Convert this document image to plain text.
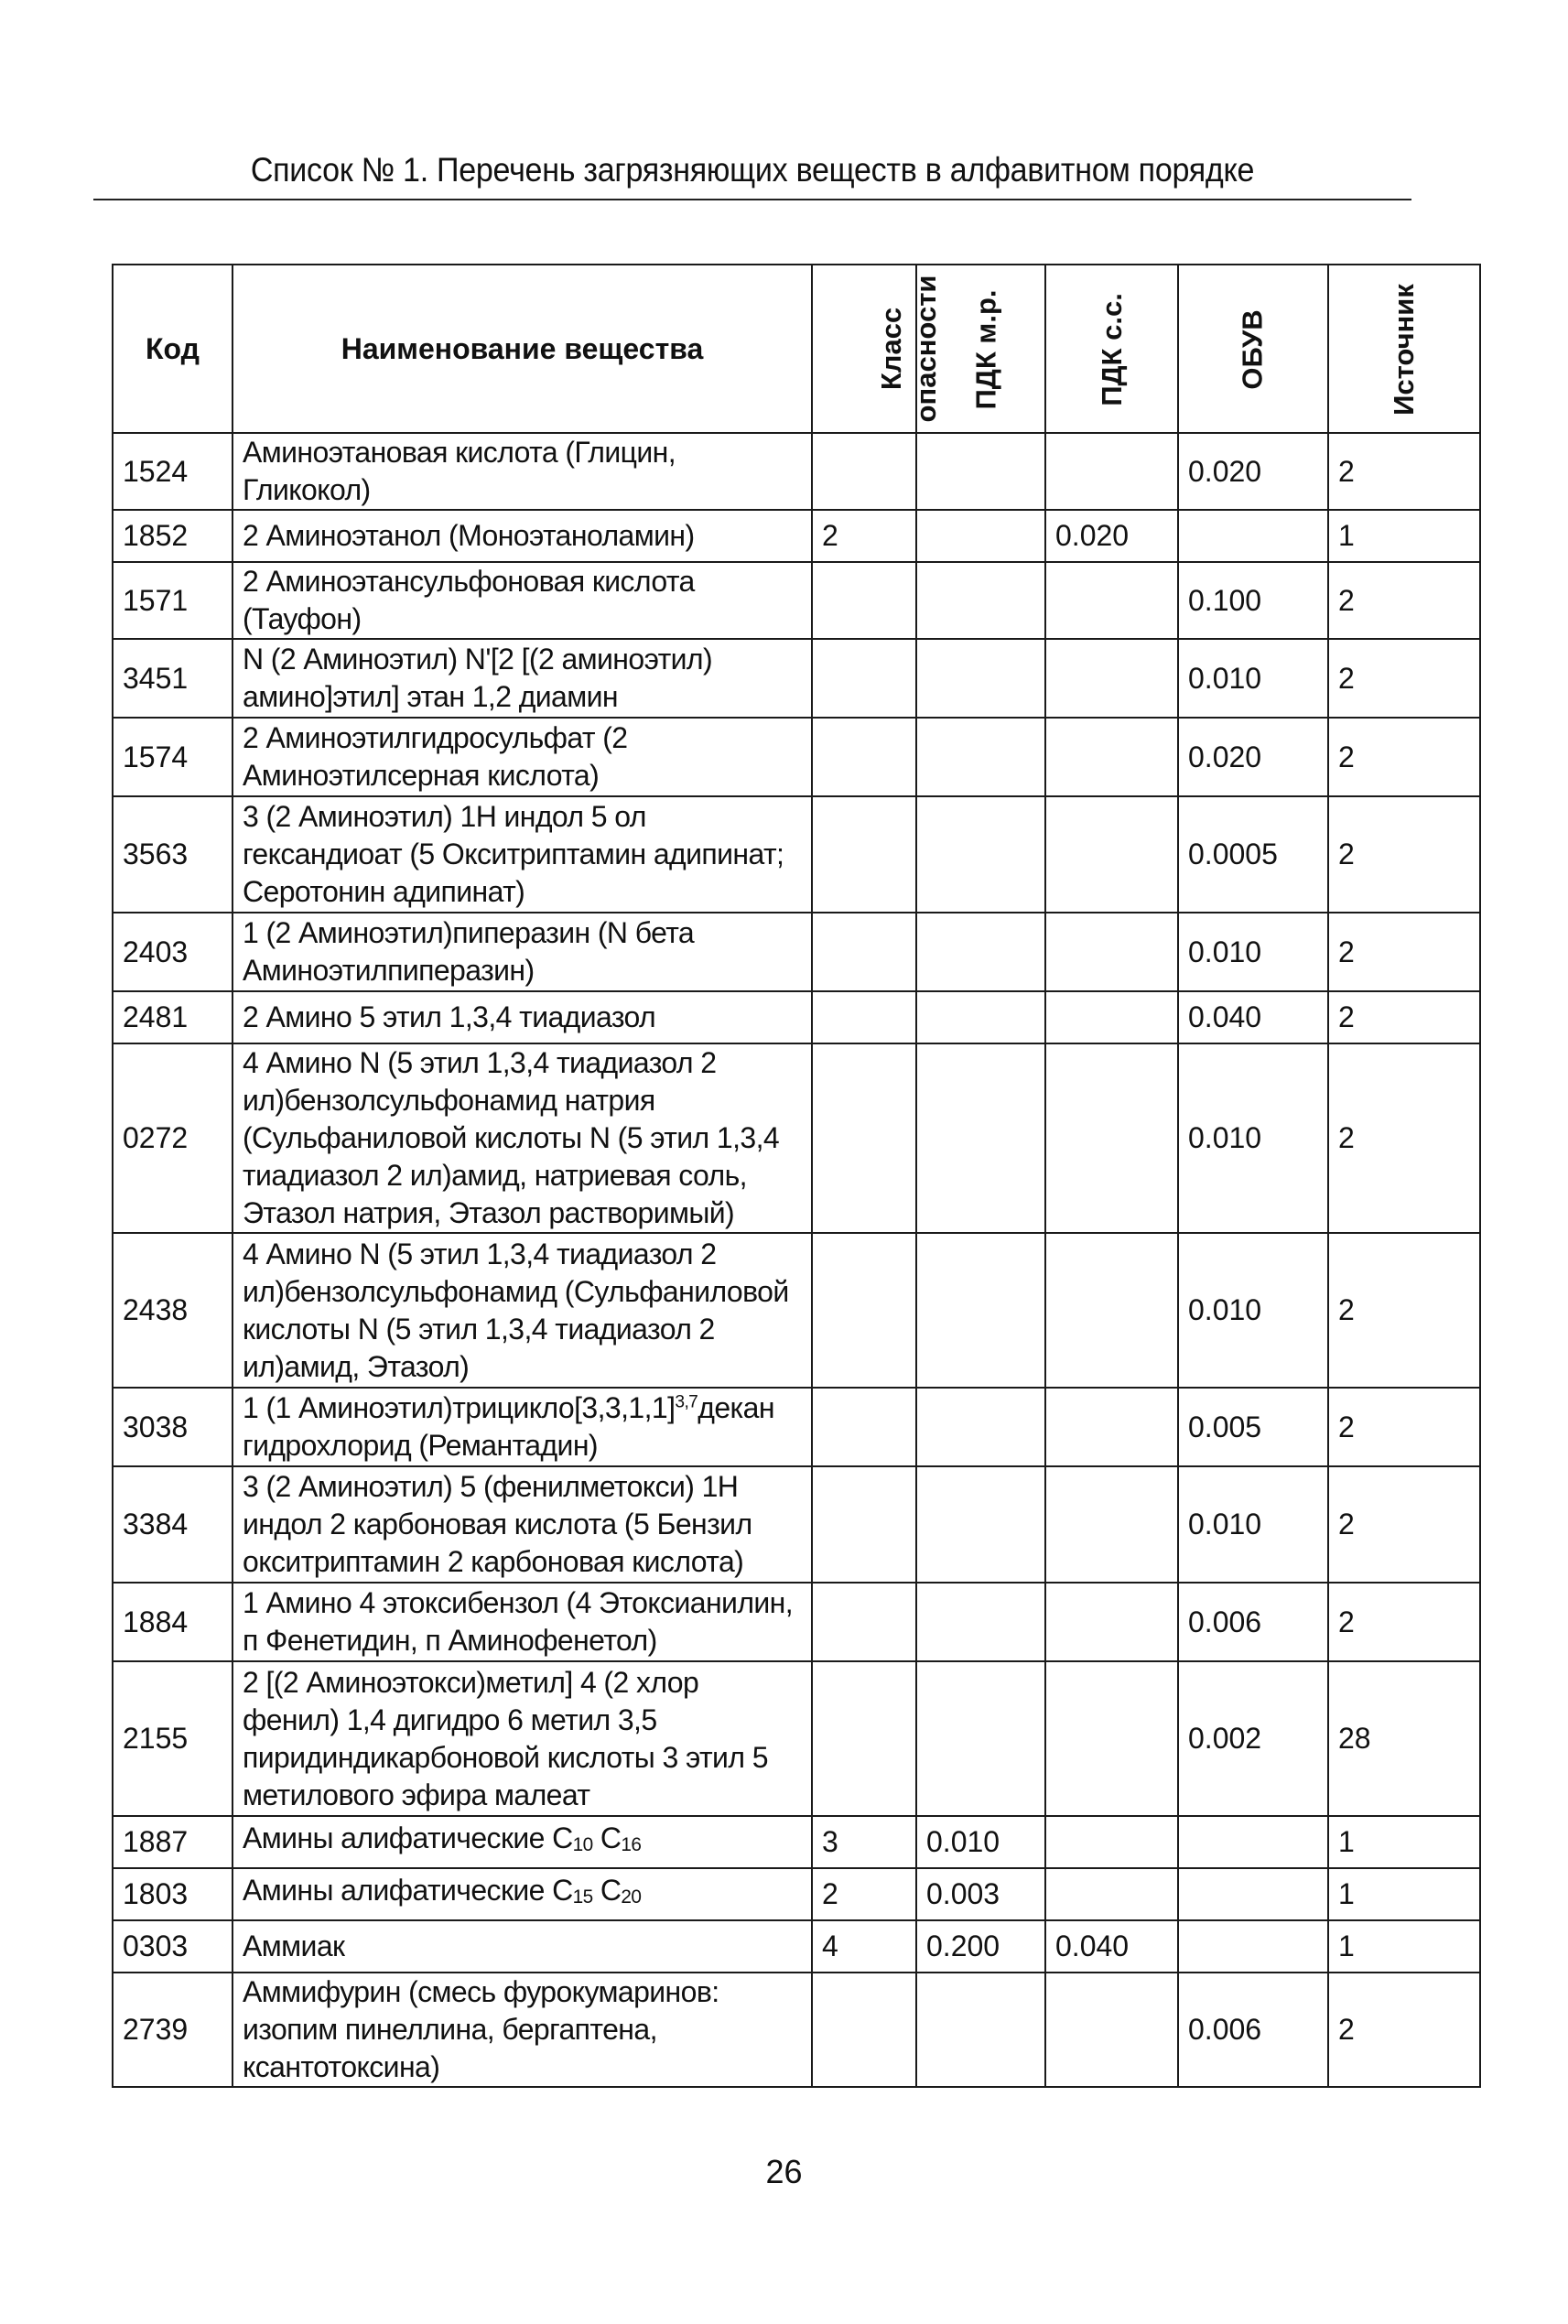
Список № 1. Перечень загрязняющих веществ в алфавитном порядке
Код	Наименование вещества	Класс опасности	ПДК м.р.	ПДК с.с.	ОБУВ	Источник
1524	Аминоэтановая кислота (Глицин, Гликокол)				0.020	2
1852	2 Аминоэтанол (Моноэтаноламин)	2		0.020		1
1571	2 Аминоэтансульфоновая кислота (Тауфон)				0.100	2
3451	N (2 Аминоэтил) N'[2 [(2 аминоэтил) амино]этил] этан 1,2 диамин				0.010	2
1574	2 Аминоэтилгидросульфат (2 Аминоэтилсерная кислота)				0.020	2
3563	3 (2 Аминоэтил) 1H индол 5 ол гександиоат (5 Окситриптамин адипинат; Серотонин адипинат)				0.0005	2
2403	1 (2 Аминоэтил)пиперазин (N бета Аминоэтилпиперазин)				0.010	2
2481	2 Амино 5 этил 1,3,4 тиадиазол				0.040	2
0272	4 Амино N (5 этил 1,3,4 тиадиазол 2 ил)бензолсульфонамид натрия (Сульфаниловой кислоты N (5 этил 1,3,4 тиадиазол 2 ил)амид, натриевая соль, Этазол натрия, Этазол растворимый)				0.010	2
2438	4 Амино N (5 этил 1,3,4 тиадиазол 2 ил)бензолсульфонамид (Сульфаниловой кислоты N (5 этил 1,3,4 тиадиазол 2 ил)амид, Этазол)				0.010	2
3038	1 (1 $Аминоэтил)трицикло[3,3,1,1]^{3,7}декан$ гидрохлорид (Ремантадин)				0.005	2
3384	3 (2 Аминоэтил) 5 (фенилметокси) 1H индол 2 карбоновая кислота (5 Бензил окситриптамин 2 карбоновая кислота)				0.010	2
1884	1 Амино 4 этоксибензол (4 Этоксианилин, п Фенетидин, п Аминофенетол)				0.006	2
2155	2 [(2 Аминоэтокси)метил] 4 (2 хлор фенил) 1,4 дигидро 6 метил 3,5 пиридиндикарбоновой кислоты 3 этил 5 метилового эфира малеат				0.002	28
1887	Амины алифатические $C_{10}$ $C_{16}$	3	0.010			1
1803	Амины алифатические $C_{15}$ $C_{20}$	2	0.003			1
0303	Аммиак	4	0.200	0.040		1
2739	Аммифурин (смесь фурокумаринов: изопим пинеллина, бергаптена, ксантотоксина)				0.006	2
26
